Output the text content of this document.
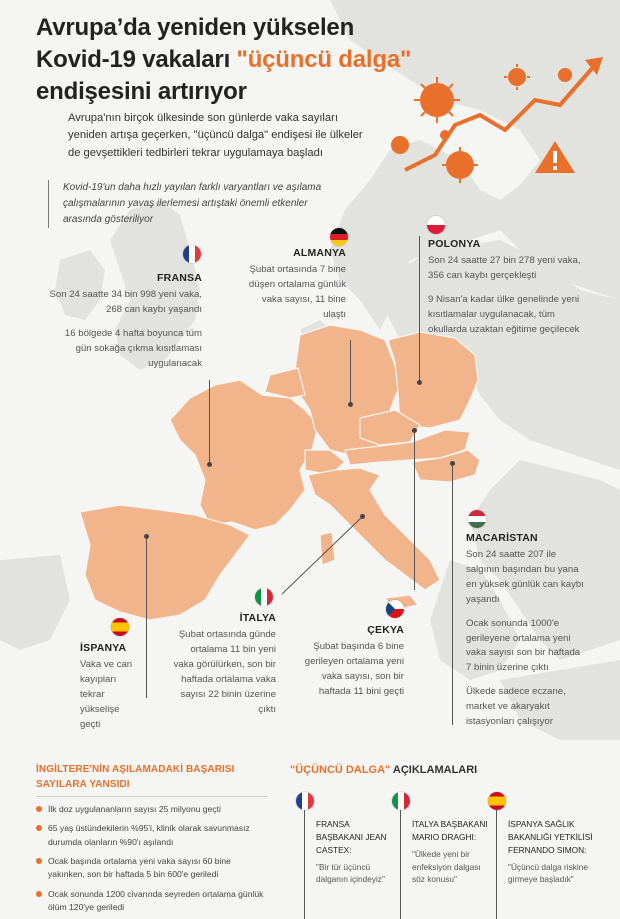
Avrupa’da yeniden yükselen
Kovid-19 vakaları "üçüncü dalga"
endişesini artırıyor
Avrupa'nın birçok ülkesinde son günlerde vaka sayıları yeniden artışa geçerken, "üçüncü dalga" endişesi ile ülkeler de gevşettikleri tedbirleri tekrar uygulamaya başladı
Kovid-19'un daha hızlı yayılan farklı varyantları ve aşılama çalışmalarının yavaş ilerlemesi artıştaki önemli etkenler arasında gösteriliyor
FRANSA

Son 24 saatte 34 bin 998 yeni vaka, 268 can kaybı yaşandı

16 bölgede 4 hafta boyunca tüm gün sokağa çıkma kısıtlaması uygulanacak

ALMANYA

Şubat ortasında 7 bine düşen ortalama günlük vaka sayısı, 11 bine ulaştı

POLONYA

Son 24 saatte 27 bin 278 yeni vaka, 356 can kaybı gerçekleşti

9 Nisan'a kadar ülke genelinde yeni kısıtlamalar uygulanacak, tüm okullarda uzaktan eğitime geçilecek

MACARİSTAN

Son 24 saatte 207 ile salgının başından bu yana en yüksek günlük can kaybı yaşandı

Ocak sonunda 1000'e gerileyene ortalama yeni vaka sayısı son bir haftada 7 binin üzerine çıktı

Ülkede sadece eczane, market ve akaryakıt istasyonları çalışıyor

İTALYA

Şubat ortasında günde ortalama 11 bin yeni vaka görülürken, son bir haftada ortalama vaka sayısı 22 binin üzerine çıktı

ÇEKYA

Şubat başında 6 bine gerileyen ortalama yeni vaka sayısı, son bir haftada 11 bini geçti

İSPANYA

Vaka ve can kayıpları tekrar yükselişe geçti

İNGİLTERE'NİN AŞILAMADAKİ BAŞARISI SAYILARA YANSIDI
İlk doz uygulananların sayısı 25 milyonu geçti
65 yaş üstündekilerin %95'i, klinik olarak savunmasız durumda olanların %90'ı aşılandı
Ocak başında ortalama yeni vaka sayısı 60 bine yakınken, son bir haftada 5 bin 600'e geriledi
Ocak sonunda 1200 civarında seyreden ortalama günlük ölüm 120'ye geriledi
"ÜÇÜNCÜ DALGA" AÇIKLAMALARI
FRANSA BAŞBAKANI JEAN CASTEX:
"Bir tür üçüncü dalganın içindeyiz"
İTALYA BAŞBAKANI MARIO DRAGHI:
"Ülkede yeni bir enfeksiyon dalgası söz konusu"
İSPANYA SAĞLIK BAKANLIĞI YETKİLİSİ FERNANDO SIMON:
"Üçüncü dalga riskine girmeye başladık"
